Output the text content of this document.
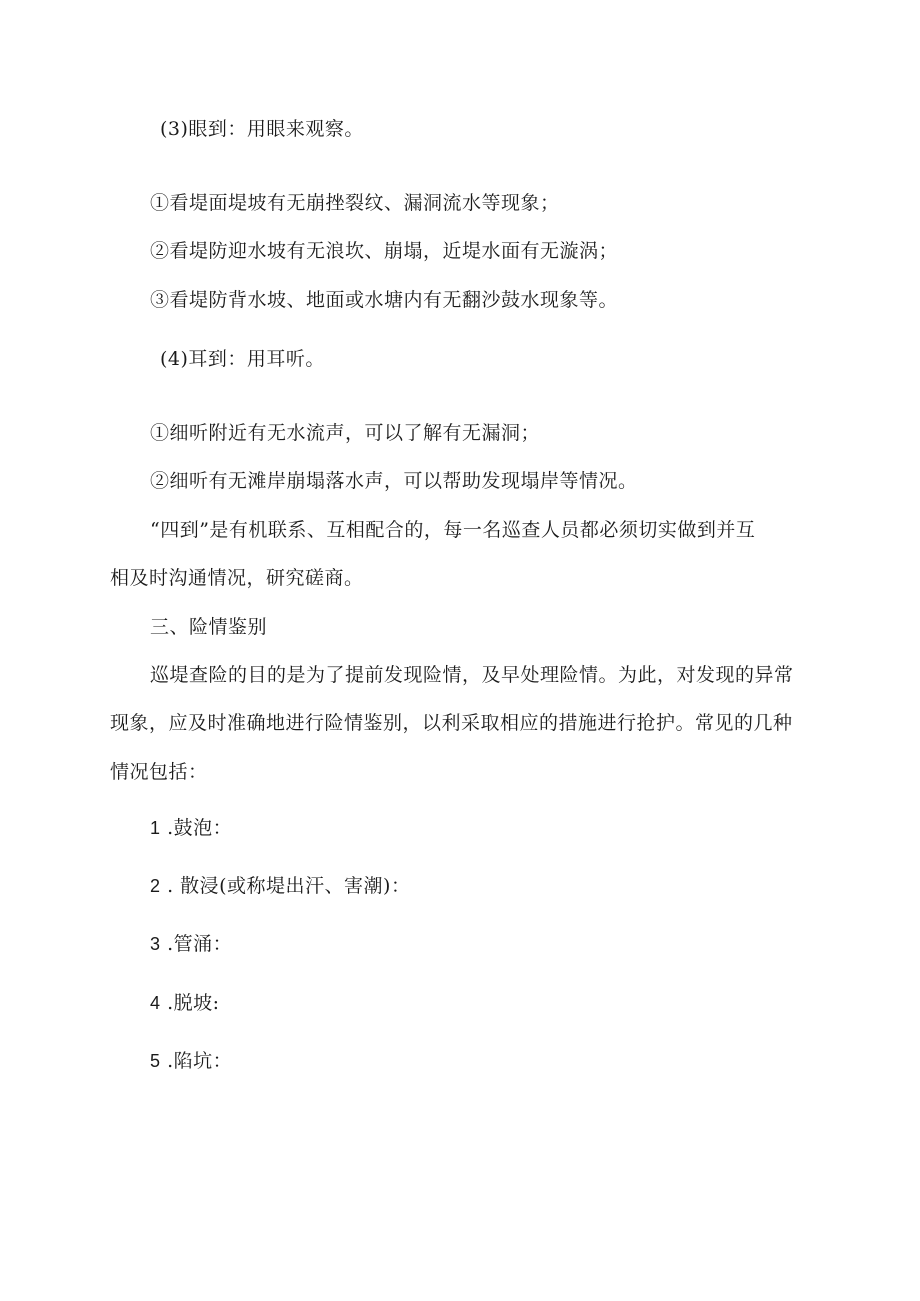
(3)眼到：用眼来观察。
①看堤面堤坡有无崩挫裂纹、漏洞流水等现象；
②看堤防迎水坡有无浪坎、崩塌，近堤水面有无漩涡；
③看堤防背水坡、地面或水塘内有无翻沙鼓水现象等。
(4)耳到：用耳听。
①细听附近有无水流声，可以了解有无漏洞；
②细听有无滩岸崩塌落水声，可以帮助发现塌岸等情况。
“四到”是有机联系、互相配合的，每一名巡查人员都必须切实做到并互
相及时沟通情况，研究磋商。
三、险情鉴别
巡堤查险的目的是为了提前发现险情，及早处理险情。为此，对发现的异常
现象，应及时准确地进行险情鉴别，以利采取相应的措施进行抢护。常见的几种
情况包括：
1 .鼓泡：
2 . 散浸(或称堤出汗、害潮)：
3 .管涌：
4 .脱坡:
5 .陷坑：
